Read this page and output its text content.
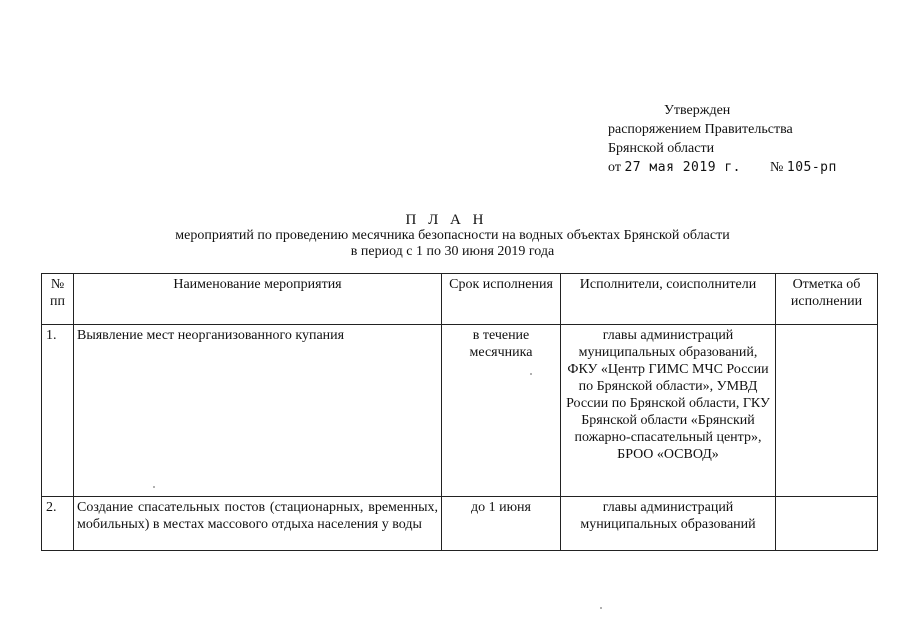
Утвержден
распоряжением Правительства
Брянской области
от 27 мая 2019 г. № 105-рп
П Л А Н
мероприятий по проведению месячника безопасности на водных объектах Брянской области
в период с 1 по 30 июня 2019 года
№ пп	Наименование мероприятия	Срок исполнения	Исполнители, соисполнители	Отметка об исполнении
1.	Выявление мест неорганизованного купания	в течение месячника	главы администраций муниципальных образований, ФКУ «Центр ГИМС МЧС России по Брянской области», УМВД России по Брянской области, ГКУ Брянской области «Брянский пожарно-спасательный центр», БРОО «ОСВОД»	
2.	Создание спасательных постов (стационарных, временных, мобильных) в местах массового отдыха населения у воды	до 1 июня	главы администраций муниципальных образований	
